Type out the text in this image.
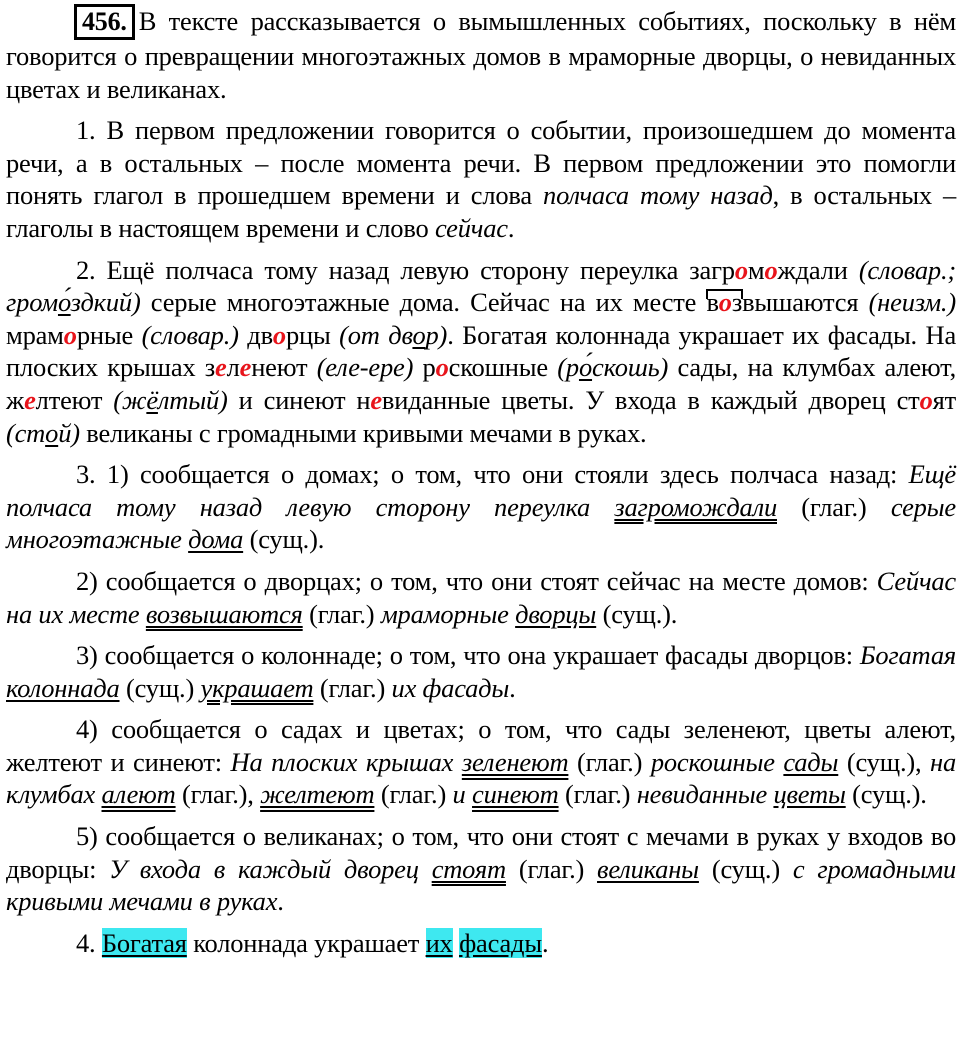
456. В тексте рассказывается о вымышленных событиях, поскольку в нём говорится о превращении многоэтажных домов в мраморные дворцы, о невиданных цветах и великанах.

1. В первом предложении говорится о событии, произошедшем до момента речи, а в остальных – после момента речи. В первом предложении это помогли понять глагол в прошедшем времени и слова полчаса тому назад, в остальных – глаголы в настоящем времени и слово сейчас.

2. Ещё полчаса тому назад левую сторону переулка загромождали (словар.; громо́здкий) серые многоэтажные дома. Сейчас на их месте возвышаются (неизм.) мраморные (словар.) дворцы (от двор). Богатая колоннада украшает их фасады. На плоских крышах зеленеют (еле-ере) роскошные (ро́скошь) сады, на клумбах алеют, желтеют (жёлтый) и синеют невиданные цветы. У входа в каждый дворец стоят (стой) великаны с громадными кривыми мечами в руках.

3. 1) сообщается о домах; о том, что они стояли здесь полчаса назад: Ещё полчаса тому назад левую сторону переулка загромождали (глаг.) серые многоэтажные дома (сущ.).

2) сообщается о дворцах; о том, что они стоят сейчас на месте домов: Сейчас на их месте возвышаются (глаг.) мраморные дворцы (сущ.).

3) сообщается о колоннаде; о том, что она украшает фасады дворцов: Богатая колоннада (сущ.) украшает (глаг.) их фасады.

4) сообщается о садах и цветах; о том, что сады зеленеют, цветы алеют, желтеют и синеют: На плоских крышах зеленеют (глаг.) роскошные сады (сущ.), на клумбах алеют (глаг.), желтеют (глаг.) и синеют (глаг.) невиданные цветы (сущ.).

5) сообщается о великанах; о том, что они стоят с мечами в руках у входов во дворцы: У входа в каждый дворец стоят (глаг.) великаны (сущ.) с громадными кривыми мечами в руках.

4. Богатая колоннада украшает их фасады.
